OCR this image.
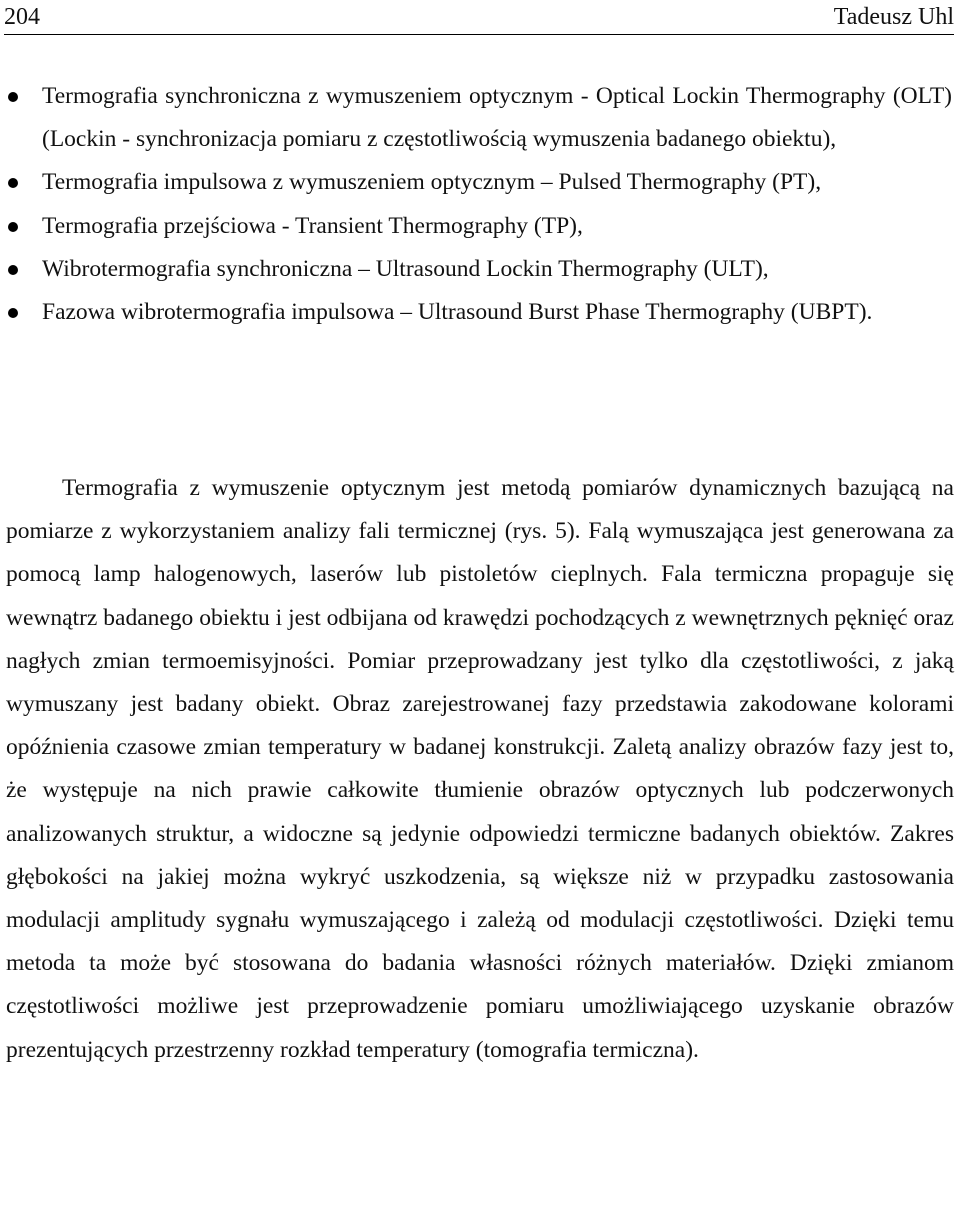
204	Tadeusz Uhl
Termografia synchroniczna z wymuszeniem optycznym - Optical Lockin Thermography (OLT) (Lockin - synchronizacja pomiaru z częstotliwością wymuszenia badanego obiektu),
Termografia impulsowa z wymuszeniem optycznym – Pulsed Thermography (PT),
Termografia przejściowa - Transient Thermography (TP),
Wibrotermografia synchroniczna – Ultrasound Lockin Thermography (ULT),
Fazowa wibrotermografia impulsowa – Ultrasound Burst Phase Thermography (UBPT).

Termografia z wymuszenie optycznym jest metodą pomiarów dynamicznych bazującą na pomiarze z wykorzystaniem analizy fali termicznej (rys. 5). Falą wymuszająca jest generowana za pomocą lamp halogenowych, laserów lub pistoletów cieplnych. Fala termiczna propaguje się wewnątrz badanego obiektu i jest odbijana od krawędzi pochodzących z wewnętrznych pęknięć oraz nagłych zmian termoemisyjności. Pomiar przeprowadzany jest tylko dla częstotliwości, z jaką wymuszany jest badany obiekt. Obraz zarejestrowanej fazy przedstawia zakodowane kolorami opóźnienia czasowe zmian temperatury w badanej konstrukcji. Zaletą analizy obrazów fazy jest to, że występuje na nich prawie całkowite tłumienie obrazów optycznych lub podczerwonych analizowanych struktur, a widoczne są jedynie odpowiedzi termiczne badanych obiektów. Zakres głębokości na jakiej można wykryć uszkodzenia, są większe niż w przypadku zastosowania modulacji amplitudy sygnału wymuszającego i zależą od modulacji częstotliwości. Dzięki temu metoda ta może być stosowana do badania własności różnych materiałów. Dzięki zmianom częstotliwości możliwe jest przeprowadzenie pomiaru umożliwiającego uzyskanie obrazów prezentujących przestrzenny rozkład temperatury (tomografia termiczna).
